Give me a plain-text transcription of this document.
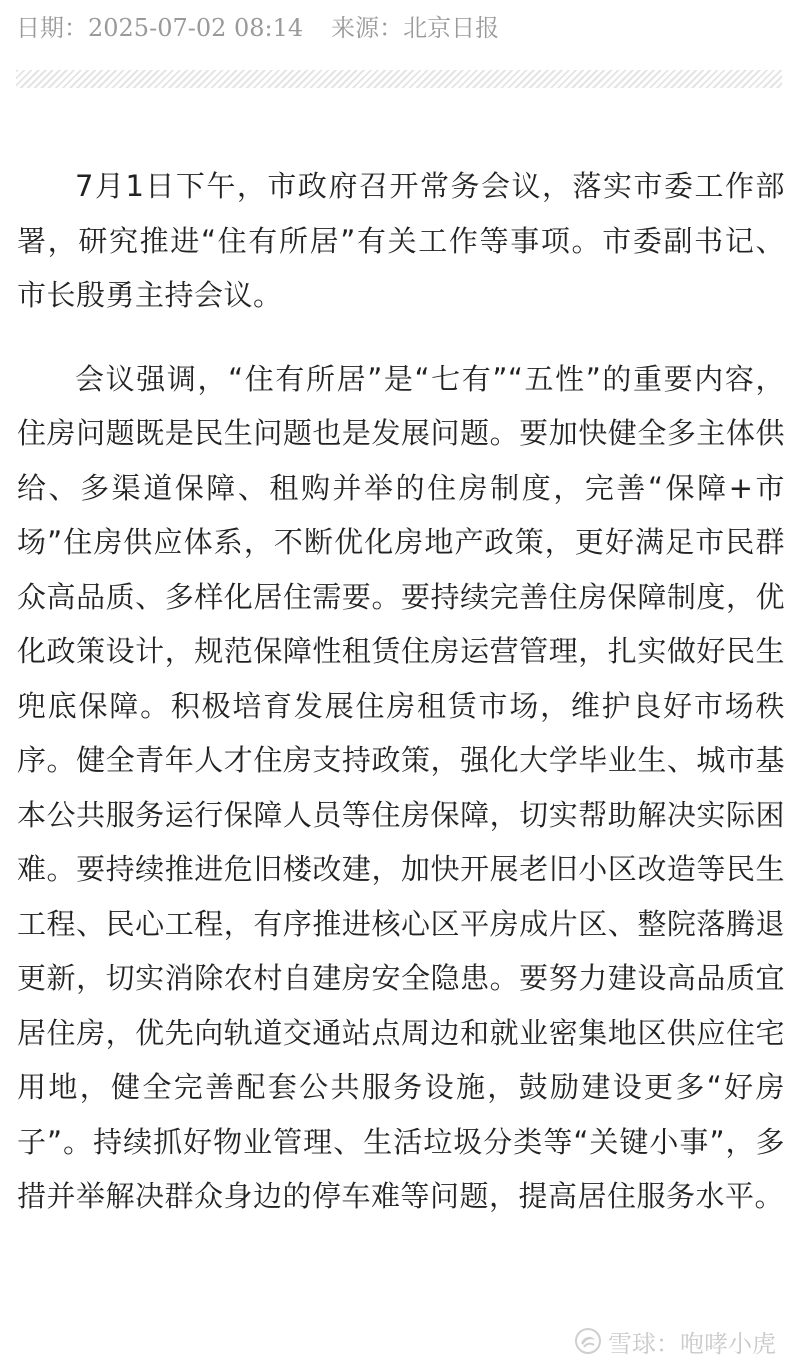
日期：2025-07-02 08:14 来源：北京日报

7月1日下午，市政府召开常务会议，落实市委工作部署，研究推进“住有所居”有关工作等事项。市委副书记、市长殷勇主持会议。

会议强调，“住有所居”是“七有”“五性”的重要内容，住房问题既是民生问题也是发展问题。要加快健全多主体供给、多渠道保障、租购并举的住房制度，完善“保障+市场”住房供应体系，不断优化房地产政策，更好满足市民群众高品质、多样化居住需要。要持续完善住房保障制度，优化政策设计，规范保障性租赁住房运营管理，扎实做好民生兜底保障。积极培育发展住房租赁市场，维护良好市场秩序。健全青年人才住房支持政策，强化大学毕业生、城市基本公共服务运行保障人员等住房保障，切实帮助解决实际困难。要持续推进危旧楼改建，加快开展老旧小区改造等民生工程、民心工程，有序推进核心区平房成片区、整院落腾退更新，切实消除农村自建房安全隐患。要努力建设高品质宜居住房，优先向轨道交通站点周边和就业密集地区供应住宅用地，健全完善配套公共服务设施，鼓励建设更多“好房子”。持续抓好物业管理、生活垃圾分类等“关键小事”，多措并举解决群众身边的停车难等问题，提高居住服务水平。

雪球：咆哮小虎
